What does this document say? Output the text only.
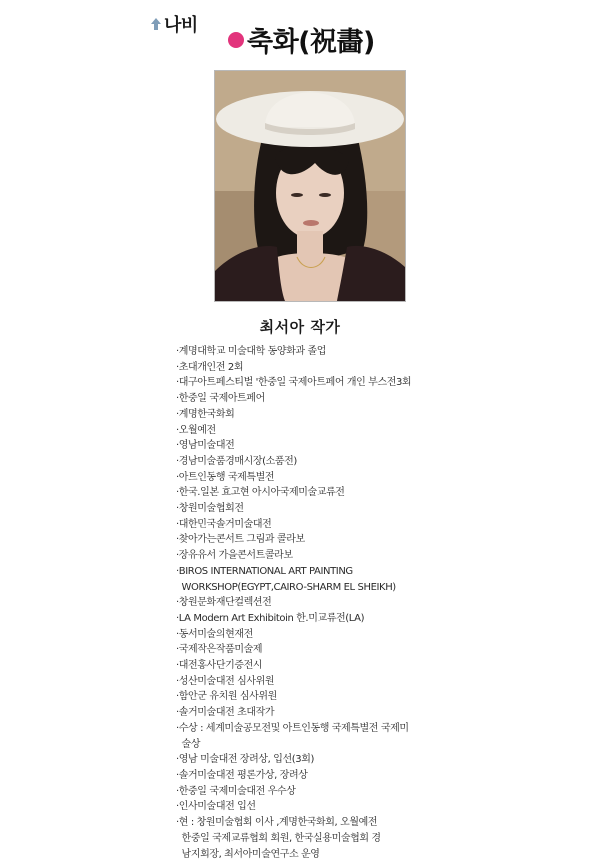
나비
축화(祝畵)
최서아 작가
·계명대학교 미술대학 동양화과 졸업
·초대개인전 2회
·대구아트페스티벌 '한중일 국제아트페어 개인 부스전3회
·한중일 국제아트페어
·계명한국화회
·오월예전
·영남미술대전
·경남미술품경매시장(소품전)
·아트인동행 국제특별전
·한국.일본 효고현 아시아국제미술교류전
·창원미술협회전
·대한민국솔거미술대전
·찾아가는콘서트 그림과 콜라보
·장유유서 가을콘서트콜라보
·BIROS INTERNATIONAL ART PAINTING
WORKSHOP(EGYPT,CAIRO-SHARM EL SHEIKH)
·창원문화재단컬렉션전
·LA Modern Art Exhibitoin 한.미교류전(LA)
·동서미술의현재전
·국제작은작품미술제
·대전홍사단기증전시
·성산미술대전 심사위원
·함안군 유치원 심사위원
·솔거미술대전 초대작가
·수상 : 세계미술공모전및 아트인동행 국제특별전 국제미
술상
·영남 미술대전 장려상, 입선(3회)
·솔거미술대전 평론가상, 장려상
·한중일 국제미술대전 우수상
·인사미술대전 입선
·현 : 창원미술협회 이사 ,계명한국화회, 오월예전
한중일 국제교류협회 회원, 한국실용미술협회 경
남지회장, 최서아미술연구소 운영
